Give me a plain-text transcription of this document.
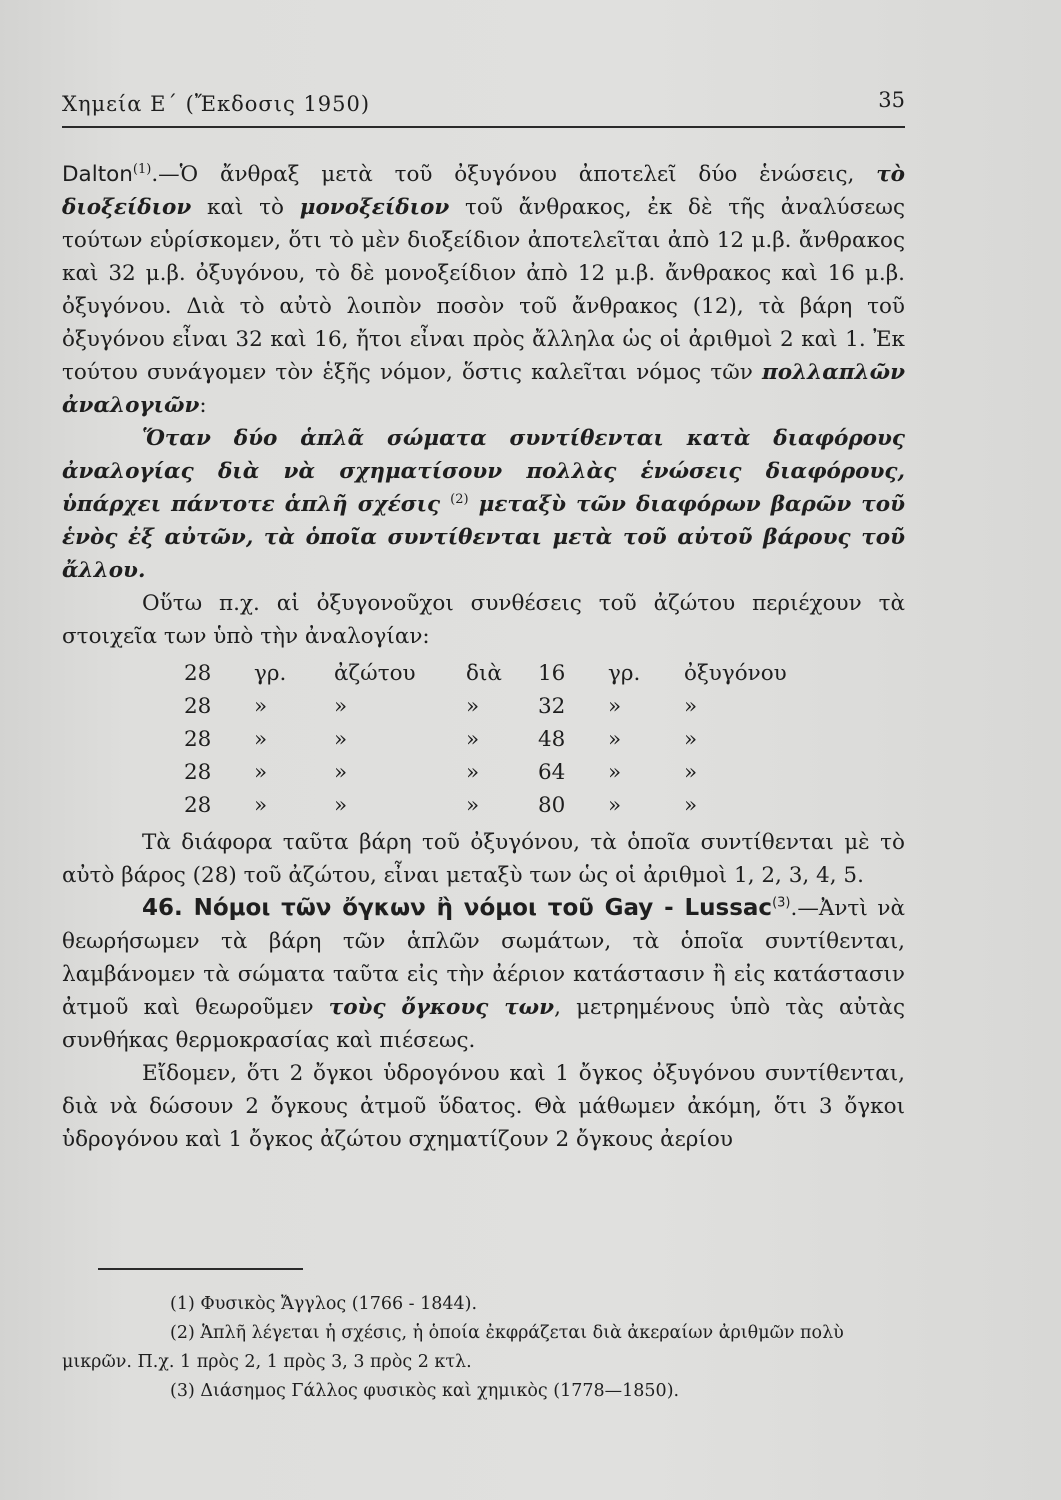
Χημεία Ε΄ (Ἔκδοσις 1950)	35

Dalton$^{(1)}$.—Ὁ ἄνθραξ μετὰ τοῦ ὀξυγόνου ἀποτελεῖ δύο ἑνώσεις, τὸ διοξείδιον καὶ τὸ μονοξείδιον τοῦ ἄνθρακος, ἐκ δὲ τῆς ἀναλύσεως τούτων εὑρίσκομεν, ὅτι τὸ μὲν διοξείδιον ἀποτελεῖται ἀπὸ 12 μ.β. ἄνθρακος καὶ 32 μ.β. ὀξυγόνου, τὸ δὲ μονοξείδιον ἀπὸ 12 μ.β. ἄνθρακος καὶ 16 μ.β. ὀξυγόνου. Διὰ τὸ αὐτὸ λοιπὸν ποσὸν τοῦ ἄνθρακος (12), τὰ βάρη τοῦ ὀξυγόνου εἶναι 32 καὶ 16, ἤτοι εἶναι πρὸς ἄλληλα ὡς οἱ ἀριθμοὶ 2 καὶ 1. Ἐκ τούτου συνάγομεν τὸν ἑξῆς νόμον, ὅστις καλεῖται νόμος τῶν πολλαπλῶν ἀναλογιῶν:

Ὅταν δύο ἁπλᾶ σώματα συντίθενται κατὰ διαφόρους ἀναλογίας διὰ νὰ σχηματίσουν πολλὰς ἑνώσεις διαφόρους, ὑπάρχει πάντοτε ἁπλῆ σχέσις $^{(2)}$ μεταξὺ τῶν διαφόρων βαρῶν τοῦ ἑνὸς ἐξ αὐτῶν, τὰ ὁποῖα συντίθενται μετὰ τοῦ αὐτοῦ βάρους τοῦ ἄλλου.

Οὕτω π.χ. αἱ ὀξυγονοῦχοι συνθέσεις τοῦ ἀζώτου περιέχουν τὰ στοιχεῖα των ὑπὸ τὴν ἀναλογίαν:

28	γρ.	ἀζώτου	διὰ	16	γρ.	ὀξυγόνου
28	»	»	»	32	»	»
28	»	»	»	48	»	»
28	»	»	»	64	»	»
28	»	»	»	80	»	»

Τὰ διάφορα ταῦτα βάρη τοῦ ὀξυγόνου, τὰ ὁποῖα συντίθενται μὲ τὸ αὐτὸ βάρος (28) τοῦ ἀζώτου, εἶναι μεταξὺ των ὡς οἱ ἀριθμοὶ 1, 2, 3, 4, 5.

46. Νόμοι τῶν ὄγκων ἢ νόμοι τοῦ Gay - Lussac$^{(3)}$.—Ἀντὶ νὰ θεωρήσωμεν τὰ βάρη τῶν ἁπλῶν σωμάτων, τὰ ὁποῖα συντίθενται, λαμβάνομεν τὰ σώματα ταῦτα εἰς τὴν ἀέριον κατάστασιν ἢ εἰς κατάστασιν ἀτμοῦ καὶ θεωροῦμεν τοὺς ὄγκους των, μετρημένους ὑπὸ τὰς αὐτὰς συνθήκας θερμοκρασίας καὶ πιέσεως.

Εἴδομεν, ὅτι 2 ὄγκοι ὑδρογόνου καὶ 1 ὄγκος ὀξυγόνου συντίθενται, διὰ νὰ δώσουν 2 ὄγκους ἀτμοῦ ὕδατος. Θὰ μάθωμεν ἀκόμη, ὅτι 3 ὄγκοι ὑδρογόνου καὶ 1 ὄγκος ἀζώτου σχηματίζουν 2 ὄγκους ἀερίου

(1) Φυσικὸς Ἄγγλος (1766 - 1844).

(2) Ἁπλῆ λέγεται ἡ σχέσις, ἡ ὁποία ἐκφράζεται διὰ ἀκεραίων ἀριθμῶν πολὺ μικρῶν. Π.χ. 1 πρὸς 2, 1 πρὸς 3, 3 πρὸς 2 κτλ.

(3) Διάσημος Γάλλος φυσικὸς καὶ χημικὸς (1778—1850).
